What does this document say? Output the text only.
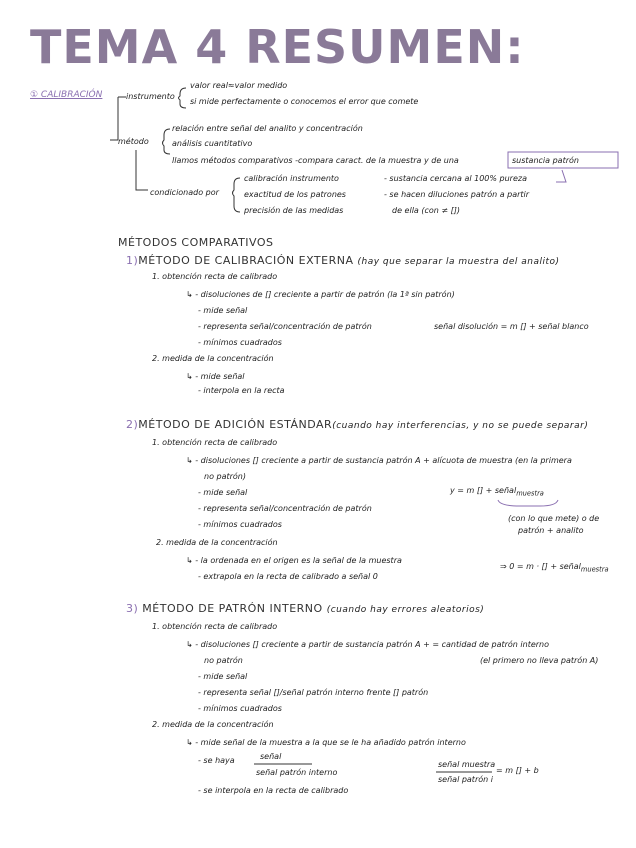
TEMA 4 RESUMEN:
① CALIBRACIÓN	instrumento
valor real≈valor medido
si mide perfectamente o conocemos el error que comete
método
relación entre señal del analito y concentración
análisis cuantitativo
llamos métodos comparativos -compara caract. de la muestra y de una	sustancia patrón
condicionado por
calibración instrumento
exactitud de los patrones
precisión de las medidas
- sustancia cercana al 100% pureza
- se hacen diluciones patrón a partir
de ella (con ≠ [])
MÉTODOS COMPARATIVOS
1)MÉTODO DE CALIBRACIÓN EXTERNA (hay que separar la muestra del analito)
1. obtención recta de calibrado
↳ - disoluciones de [] creciente a partir de patrón (la 1ª sin patrón)
- mide señal
- representa señal/concentración de patrón
- mínimos cuadrados
señal disolución = m [] + señal blanco
2. medida de la concentración
↳ - mide señal
- interpola en la recta
2)MÉTODO DE ADICIÓN ESTÁNDAR(cuando hay interferencias, y no se puede separar)
1. obtención recta de calibrado
↳ - disoluciones [] creciente a partir de sustancia patrón A + alícuota de muestra (en la primera
no patrón)
- mide señal
- representa señal/concentración de patrón
- mínimos cuadrados
y = m [] + señal$_{muestra}$
(con lo que mete) o de
patrón + analito
2. medida de la concentración
↳ - la ordenada en el origen es la señal de la muestra
- extrapola en la recta de calibrado a señal 0
⇒ 0 = m · [] + señal$_{muestra}$
3) MÉTODO DE PATRÓN INTERNO (cuando hay errores aleatorios)
1. obtención recta de calibrado
↳ - disoluciones [] creciente a partir de sustancia patrón A + = cantidad de patrón interno
no patrón	(el primero no lleva patrón A)
- mide señal
- representa señal []/señal patrón interno frente [] patrón
- mínimos cuadrados
2. medida de la concentración
↳ - mide señal de la muestra a la que se le ha añadido patrón interno
- se haya	señal
señal patrón interno
- se interpola en la recta de calibrado
señal muestra
señal patrón i
= m [] + b
